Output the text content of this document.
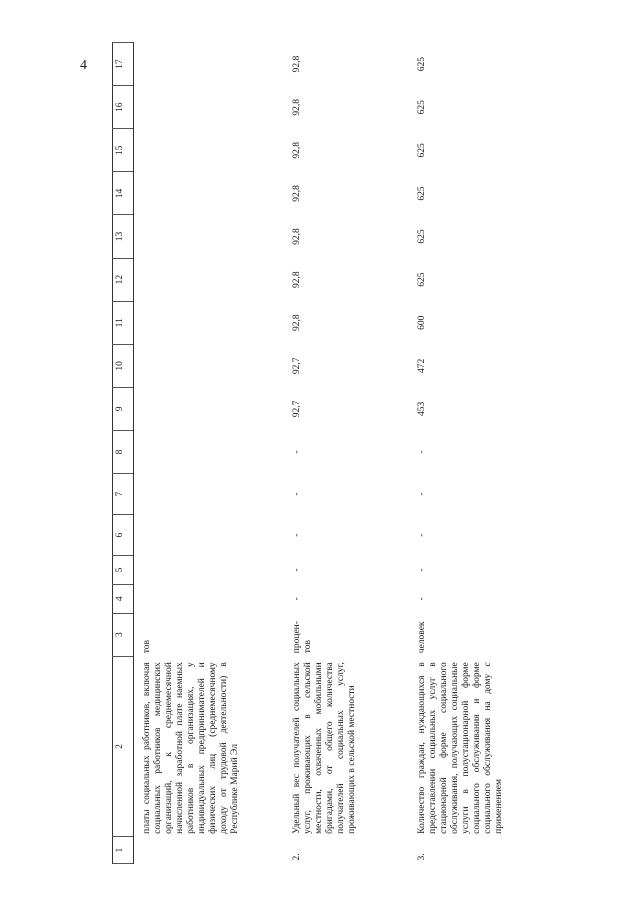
4
1	2	3	4	5	6	7	8	9	10	11	12	13	14	15	16	17
	платы социальных работников, включая социальных работников медицинских организаций, к среднемесячной начисленной заработной плате наемных работников в организациях, у индивидуальных предпринимателей и физических лиц (среднемесячному доходу от трудовой деятельности) в Республике Марий Эл	тов														
2.	Удельный вес получателей социальных услуг, проживающих в сельской местности, охваченных мобильными бригадами, от общего количества получателей социальных услуг, проживающих в сельской местности	процен-тов	-	-	-	-	-	92,7	92,7	92,8	92,8	92,8	92,8	92,8	92,8	92,8
3.	Количество граждан, нуждающихся в предоставлении социальных услуг в стационарной форме социального обслуживания, получающих социальные услуги в полустационарной форме социального обслуживания и форме социального обслуживания на дому с применением	человек	-	-	-	-	-	453	472	600	625	625	625	625	625	625
